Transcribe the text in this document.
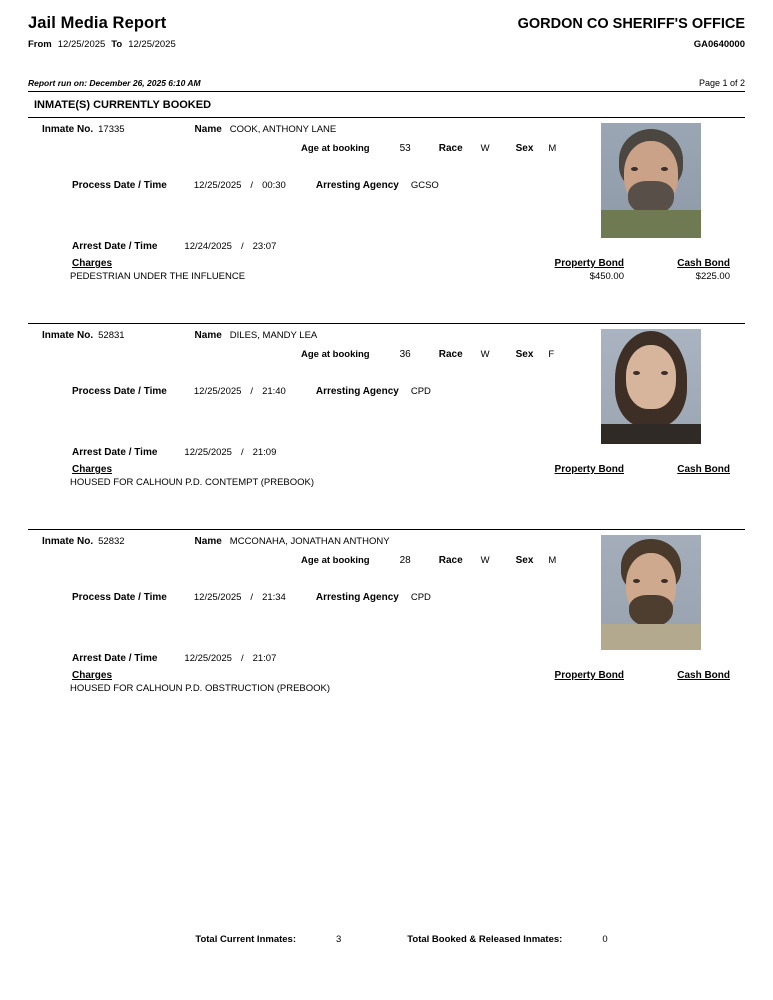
Jail Media Report
From 12/25/2025 To 12/25/2025
GORDON CO SHERIFF'S OFFICE
GA0640000
Report run on: December 26, 2025 6:10 AM	Page 1 of 2
INMATE(S) CURRENTLY BOOKED
Inmate No. 17335	Name COOK, ANTHONY LANE
Age at booking	53	Race W	Sex M
Process Date / Time	12/25/2025 / 00:30	Arresting Agency GCSO
Arrest Date / Time	12/24/2025 / 23:07
Charges	Property Bond	Cash Bond
PEDESTRIAN UNDER THE INFLUENCE	$450.00	$225.00
Inmate No. 52831	Name DILES, MANDY LEA
Age at booking	36	Race W	Sex F
Process Date / Time	12/25/2025 / 21:40	Arresting Agency CPD
Arrest Date / Time	12/25/2025 / 21:09
Charges	Property Bond	Cash Bond
HOUSED FOR CALHOUN P.D. CONTEMPT (PREBOOK)
Inmate No. 52832	Name MCCONAHA, JONATHAN ANTHONY
Age at booking	28	Race W	Sex M
Process Date / Time	12/25/2025 / 21:34	Arresting Agency CPD
Arrest Date / Time	12/25/2025 / 21:07
Charges	Property Bond	Cash Bond
HOUSED FOR CALHOUN P.D. OBSTRUCTION (PREBOOK)
Total Current Inmates:	3	Total Booked & Released Inmates:	0
